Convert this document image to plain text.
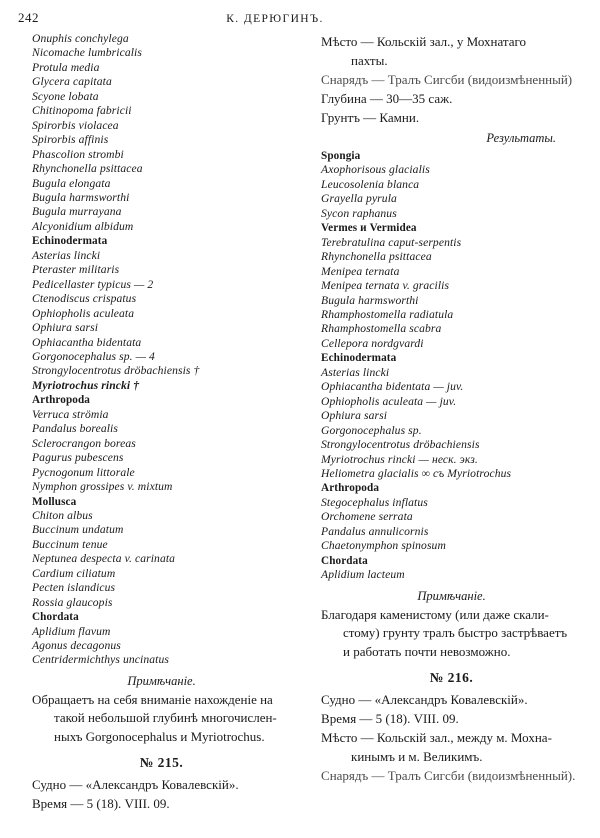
242	К. ДЕРЮГИНЪ.
Onuphis conchylega
Nicomache lumbricalis
Protula media
Glycera capitata
Scyone lobata
Chitinopoma fabricii
Spirorbis violacea
Spirorbis affinis
Phascolion strombi
Rhynchonella psittacea
Bugula elongata
Bugula harmsworthi
Bugula murrayana
Alcyonidium albidum
Echinodermata
Asterias lincki
Pteraster militaris
Pedicellaster typicus — 2
Ctenodiscus crispatus
Ophiopholis aculeata
Ophiura sarsi
Ophiacantha bidentata
Gorgonocephalus sp. — 4
Strongylocentrotus dröbachiensis †
Myriotrochus rincki †
Arthropoda
Verruca strömia
Pandalus borealis
Sclerocrangon boreas
Pagurus pubescens
Pycnogonum littorale
Nymphon grossipes v. mixtum
Mollusca
Chiton albus
Buccinum undatum
Buccinum tenue
Neptunea despecta v. carinata
Cardium ciliatum
Pecten islandicus
Rossia glaucopis
Chordata
Aplidium flavum
Agonus decagonus
Centridermichthys uncinatus
Примѣчаніе.
Обращаетъ на себя вниманіе нахожденіе на
такой небольшой глубинѣ многочислен-
ныхъ Gorgonocephalus и Myriotrochus.
№ 215.
Судно — «Александръ Ковалевскій».
Время — 5 (18). VIII. 09.
Мѣсто — Кольскій зал., у Мохнатаго
пахты.
Снарядъ — Тралъ Сигсби (видоизмѣненный)
Глубина — 30—35 саж.
Грунтъ — Камни.
Результаты.
Spongia
Axophorisous glacialis
Leucosolenia blanca
Grayella pyrula
Sycon raphanus
Vermes и Vermidea
Terebratulina caput-serpentis
Rhynchonella psittacea
Menipea ternata
Menipea ternata v. gracilis
Bugula harmsworthi
Rhamphostomella radiatula
Rhamphostomella scabra
Cellepora nordgvardi
Echinodermata
Asterias lincki
Ophiacantha bidentata — juv.
Ophiopholis aculeata — juv.
Ophiura sarsi
Gorgonocephalus sp.
Strongylocentrotus dröbachiensis
Myriotrochus rincki — неск. экз.
Heliometra glacialis ∞ съ Myriotrochus
Arthropoda
Stegocephalus inflatus
Orchomene serrata
Pandalus annulicornis
Chaetonymphon spinosum
Chordata
Aplidium lacteum
Примѣчаніе.
Благодаря каменистому (или даже скали-
стому) грунту тралъ быстро застрѣваетъ
и работать почти невозможно.
№ 216.
Судно — «Александръ Ковалевскій».
Время — 5 (18). VIII. 09.
Мѣсто — Кольскій зал., между м. Мохна-
кинымъ и м. Великимъ.
Снарядъ — Тралъ Сигсби (видоизмѣненный).
